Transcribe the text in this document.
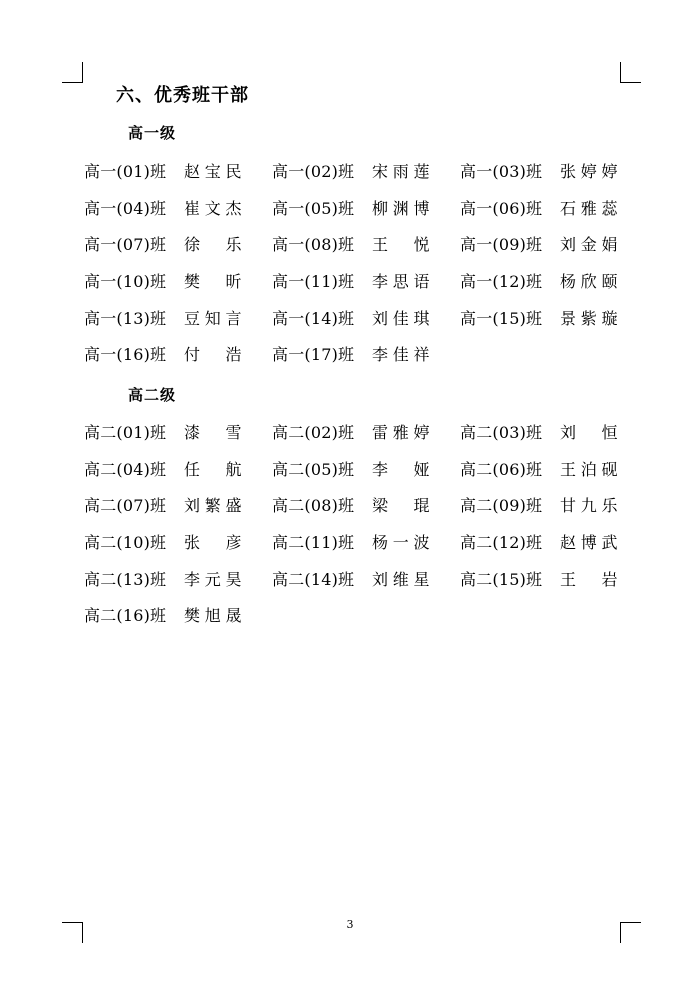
六、优秀班干部
高一级
高一(01)班	赵宝民 高一(02)班	宋雨莲 高一(03)班	张婷婷
高一(04)班	崔文杰 高一(05)班	柳渊博 高一(06)班	石雅蕊
高一(07)班	徐乐 高一(08)班	王悦 高一(09)班	刘金娟
高一(10)班	樊昕 高一(11)班	李思语 高一(12)班	杨欣颐
高一(13)班	豆知言 高一(14)班	刘佳琪 高一(15)班	景紫璇
高一(16)班	付浩 高一(17)班	李佳祥
高二级
高二(01)班	漆雪 高二(02)班	雷雅婷 高二(03)班	刘恒
高二(04)班	任航 高二(05)班	李娅 高二(06)班	王泊砚
高二(07)班	刘繁盛 高二(08)班	梁琨 高二(09)班	甘九乐
高二(10)班	张彦 高二(11)班	杨一波 高二(12)班	赵博武
高二(13)班	李元昊 高二(14)班	刘维星 高二(15)班	王岩
高二(16)班	樊旭晟
3
